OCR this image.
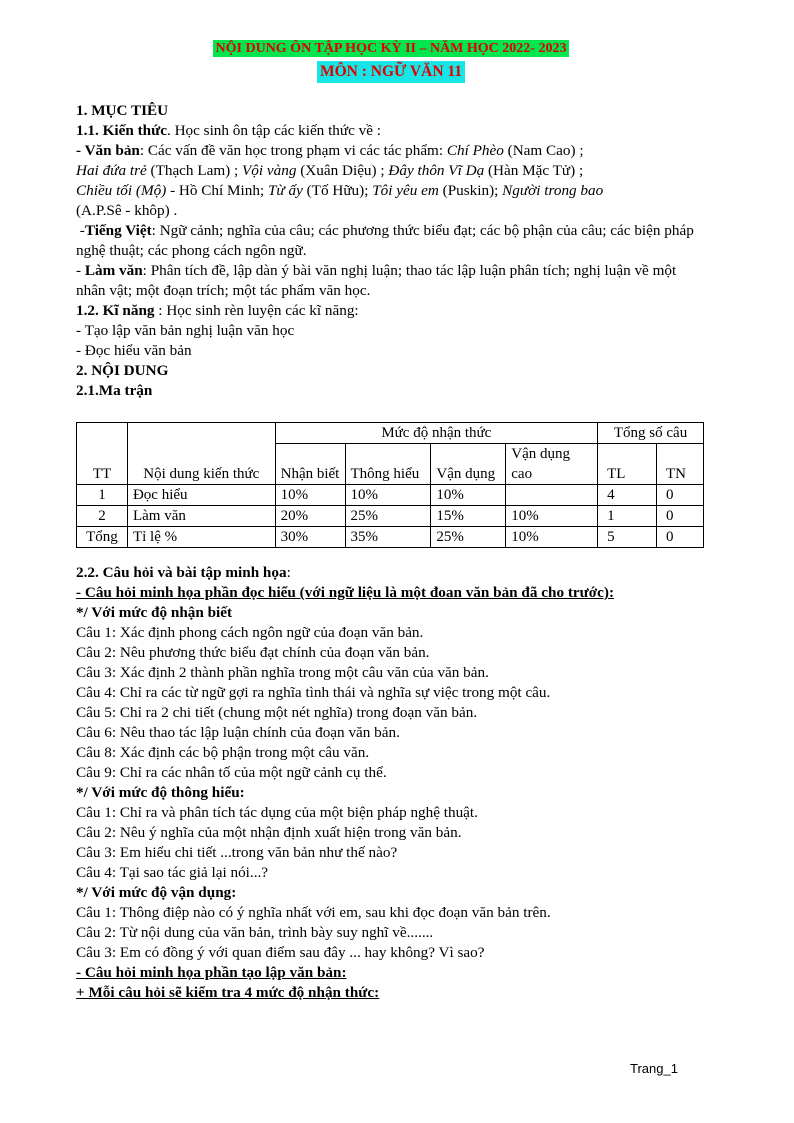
NỘI DUNG ÔN TẬP HỌC KỲ II – NĂM HỌC 2022- 2023
MÔN : NGỮ VĂN 11

1. MỤC TIÊU

1.1. Kiến thức. Học sinh ôn tập các kiến thức về :

- Văn bản: Các vấn đề văn học trong phạm vi các tác phẩm: Chí Phèo (Nam Cao) ;
Hai đứa trẻ (Thạch Lam) ; Vội vàng (Xuân Diệu) ; Đây thôn Vĩ Dạ (Hàn Mặc Tử) ;
Chiều tối (Mộ) - Hồ Chí Minh; Từ ấy (Tố Hữu); Tôi yêu em (Puskin); Người trong bao
(A.P.Sê - khôp) .

-Tiếng Việt: Ngữ cảnh; nghĩa của câu; các phương thức biểu đạt; các bộ phận của câu; các biện pháp nghệ thuật; các phong cách ngôn ngữ.

- Làm văn: Phân tích đề, lập dàn ý bài văn nghị luận; thao tác lập luận phân tích; nghị luận về một nhân vật; một đoạn trích; một tác phẩm văn học.

1.2. Kĩ năng : Học sinh rèn luyện các kĩ năng:

- Tạo lập văn bản nghị luận văn học

- Đọc hiểu văn bản

2. NỘI DUNG

2.1.Ma trận

TT	Nội dung kiến thức	Mức độ nhận thức				Tổng số câu	
		Nhận biết	Thông hiểu	Vận dụng	Vận dụng cao	TL	TN
1	Đọc hiểu	10%	10%	10%		4	0
2	Làm văn	20%	25%	15%	10%	1	0
Tổng	Tỉ lệ %	30%	35%	25%	10%	5	0

2.2. Câu hỏi và bài tập minh họa:

- Câu hỏi minh họa phần đọc hiểu (với ngữ liệu là một đoan văn bản đã cho trước):

*/ Với mức độ nhận biết

Câu 1: Xác định phong cách ngôn ngữ của đoạn văn bản.

Câu 2: Nêu phương thức biểu đạt chính của đoạn văn bản.

Câu 3: Xác định 2 thành phần nghĩa trong một câu văn của văn bản.

Câu 4: Chỉ ra các từ ngữ gợi ra nghĩa tình thái và nghĩa sự việc trong một câu.

Câu 5: Chỉ ra 2 chi tiết (chung một nét nghĩa) trong đoạn văn bản.

Câu 6: Nêu thao tác lập luận chính của đoạn văn bản.

Câu 8: Xác định các bộ phận trong một câu văn.

Câu 9: Chỉ ra các nhân tố của một ngữ cảnh cụ thể.

*/ Với mức độ thông hiểu:

Câu 1: Chỉ ra và phân tích tác dụng của một biện pháp nghệ thuật.

Câu 2: Nêu ý nghĩa của một nhận định xuất hiện trong văn bản.

Câu 3: Em hiểu chi tiết ...trong văn bản như thế nào?

Câu 4: Tại sao tác giả lại nói...?

*/ Với mức độ vận dụng:

Câu 1: Thông điệp nào có ý nghĩa nhất với em, sau khi đọc đoạn văn bản trên.

Câu 2: Từ nội dung của văn bản, trình bày suy nghĩ về.......

Câu 3: Em có đồng ý với quan điểm sau đây ... hay không? Vì sao?

- Câu hỏi minh họa phần tạo lập văn bản:

+ Mỗi câu hỏi sẽ kiểm tra 4 mức độ nhận thức:

Trang_1
